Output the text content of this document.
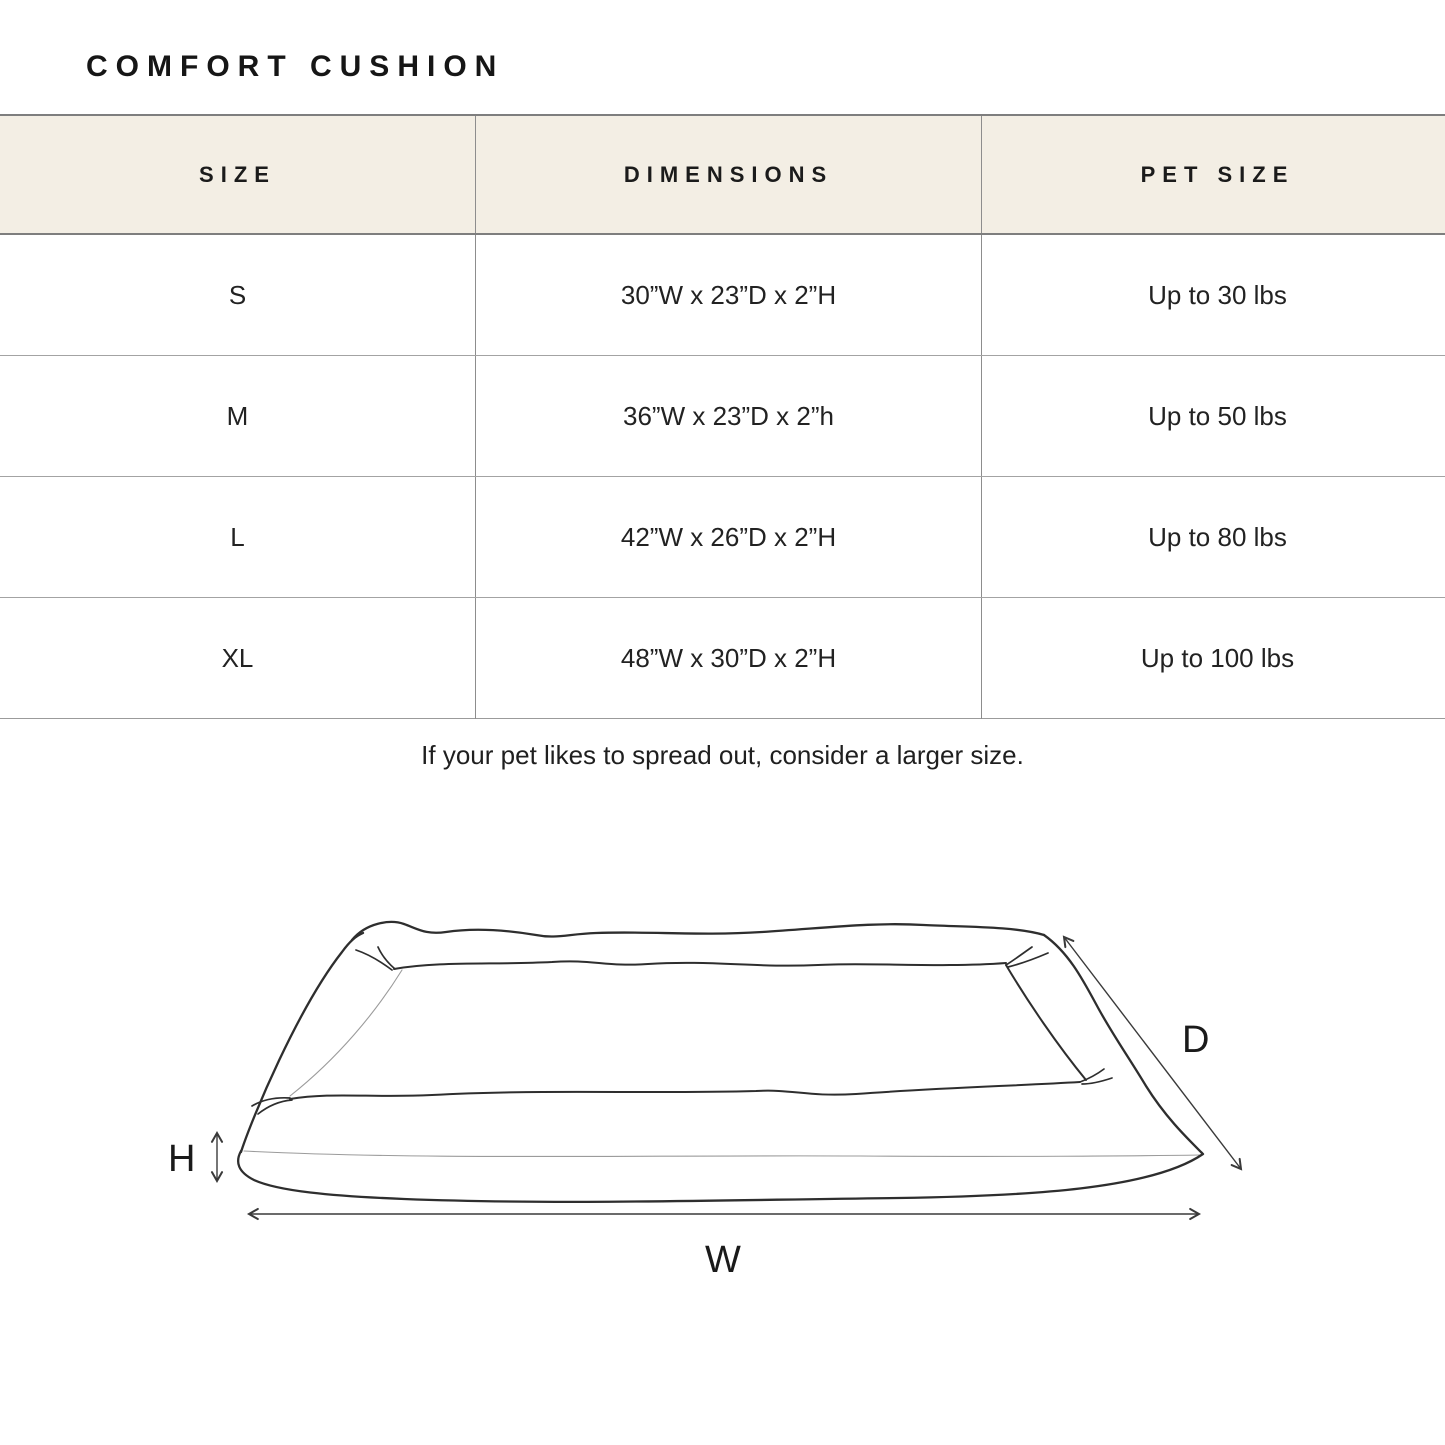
COMFORT CUSHION
SIZE	DIMENSIONS	PET SIZE
S	30”W x 23”D x 2”H	Up to 30 lbs
M	36”W x 23”D x 2”h	Up to 50 lbs
L	42”W x 26”D x 2”H	Up to 80 lbs
XL	48”W x 30”D x 2”H	Up to 100 lbs
If your pet likes to spread out, consider a larger size.
H
D
W
